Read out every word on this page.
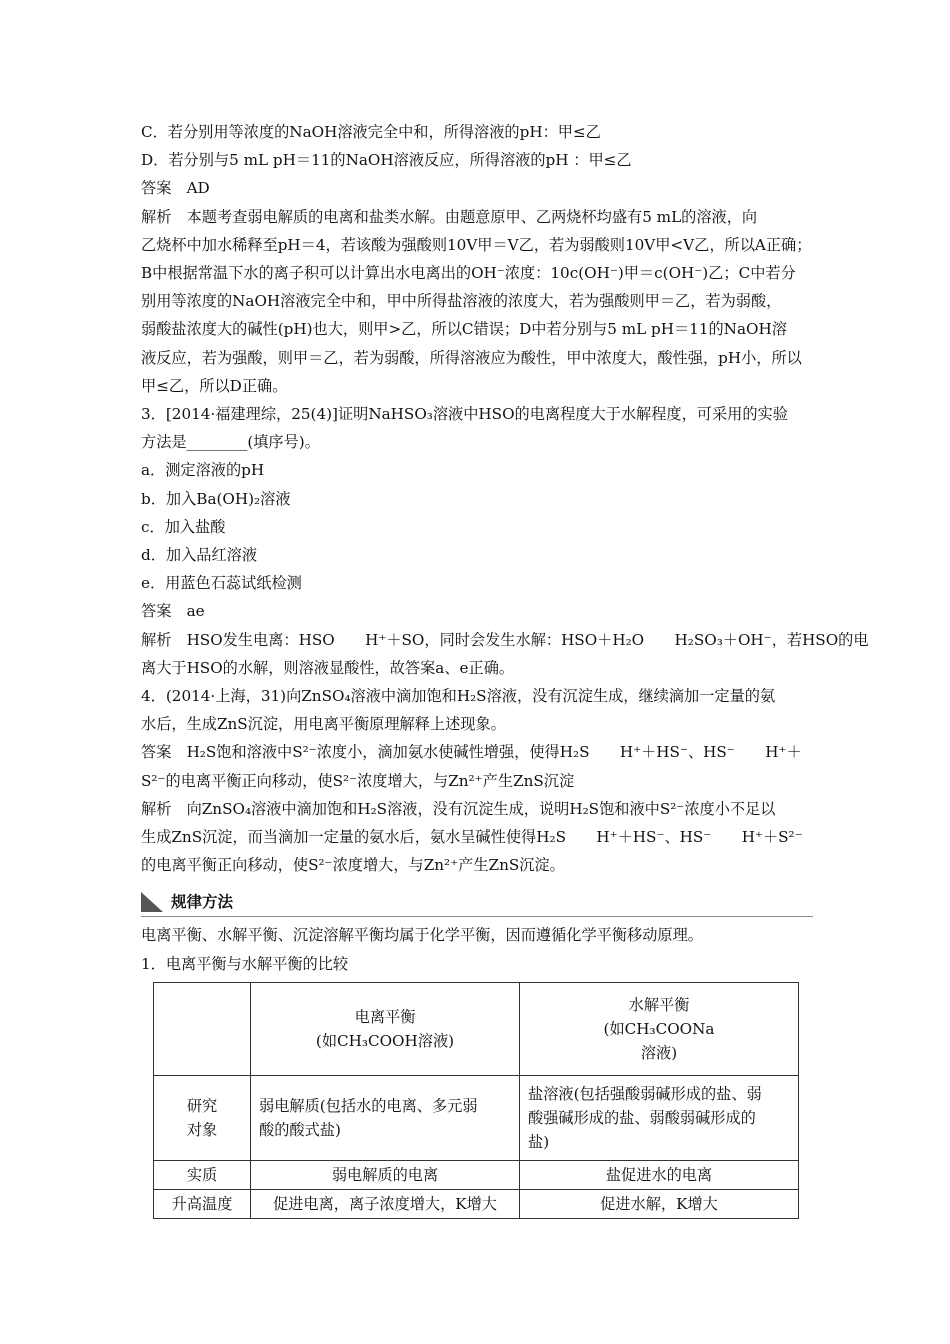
C．若分别用等浓度的NaOH溶液完全中和，所得溶液的pH：甲≤乙
D．若分别与5 mL pH＝11的NaOH溶液反应，所得溶液的pH ：甲≤乙
答案　AD
解析　本题考查弱电解质的电离和盐类水解。由题意原甲、乙两烧杯均盛有5 mL的溶液，向
乙烧杯中加水稀释至pH＝4，若该酸为强酸则10V甲＝V乙，若为弱酸则10V甲<V乙，所以A正确；
B中根据常温下水的离子积可以计算出水电离出的OH⁻浓度：10c(OH⁻)甲＝c(OH⁻)乙；C中若分
别用等浓度的NaOH溶液完全中和，甲中所得盐溶液的浓度大，若为强酸则甲＝乙，若为弱酸，
弱酸盐浓度大的碱性(pH)也大，则甲>乙，所以C错误；D中若分别与5 mL pH＝11的NaOH溶
液反应，若为强酸，则甲＝乙，若为弱酸，所得溶液应为酸性，甲中浓度大，酸性强，pH小，所以
甲≤乙，所以D正确。
3．[2014·福建理综，25(4)]证明NaHSO₃溶液中HSO的电离程度大于水解程度，可采用的实验
方法是________(填序号)。
a．测定溶液的pH
b．加入Ba(OH)₂溶液
c．加入盐酸
d．加入品红溶液
e．用蓝色石蕊试纸检测
答案　ae
解析　HSO发生电离：HSO　　H⁺＋SO，同时会发生水解：HSO＋H₂O　　H₂SO₃＋OH⁻，若HSO的电
离大于HSO的水解，则溶液显酸性，故答案a、e正确。
4．(2014·上海，31)向ZnSO₄溶液中滴加饱和H₂S溶液，没有沉淀生成，继续滴加一定量的氨
水后，生成ZnS沉淀，用电离平衡原理解释上述现象。
答案　H₂S饱和溶液中S²⁻浓度小，滴加氨水使碱性增强，使得H₂S　　H⁺＋HS⁻、HS⁻　　H⁺＋
S²⁻的电离平衡正向移动，使S²⁻浓度增大，与Zn²⁺产生ZnS沉淀
解析　向ZnSO₄溶液中滴加饱和H₂S溶液，没有沉淀生成，说明H₂S饱和液中S²⁻浓度小不足以
生成ZnS沉淀，而当滴加一定量的氨水后，氨水呈碱性使得H₂S　　H⁺＋HS⁻、HS⁻　　H⁺＋S²⁻
的电离平衡正向移动，使S²⁻浓度增大，与Zn²⁺产生ZnS沉淀。
规律方法
电离平衡、水解平衡、沉淀溶解平衡均属于化学平衡，因而遵循化学平衡移动原理。
1．电离平衡与水解平衡的比较
	电离平衡
(如CH₃COOH溶液)	水解平衡
(如CH₃COONa
溶液)
研究
对象	弱电解质(包括水的电离、多元弱
酸的酸式盐)	盐溶液(包括强酸弱碱形成的盐、弱
酸强碱形成的盐、弱酸弱碱形成的
盐)
实质	弱电解质的电离	盐促进水的电离
升高温度	促进电离，离子浓度增大，K增大	促进水解，K增大
